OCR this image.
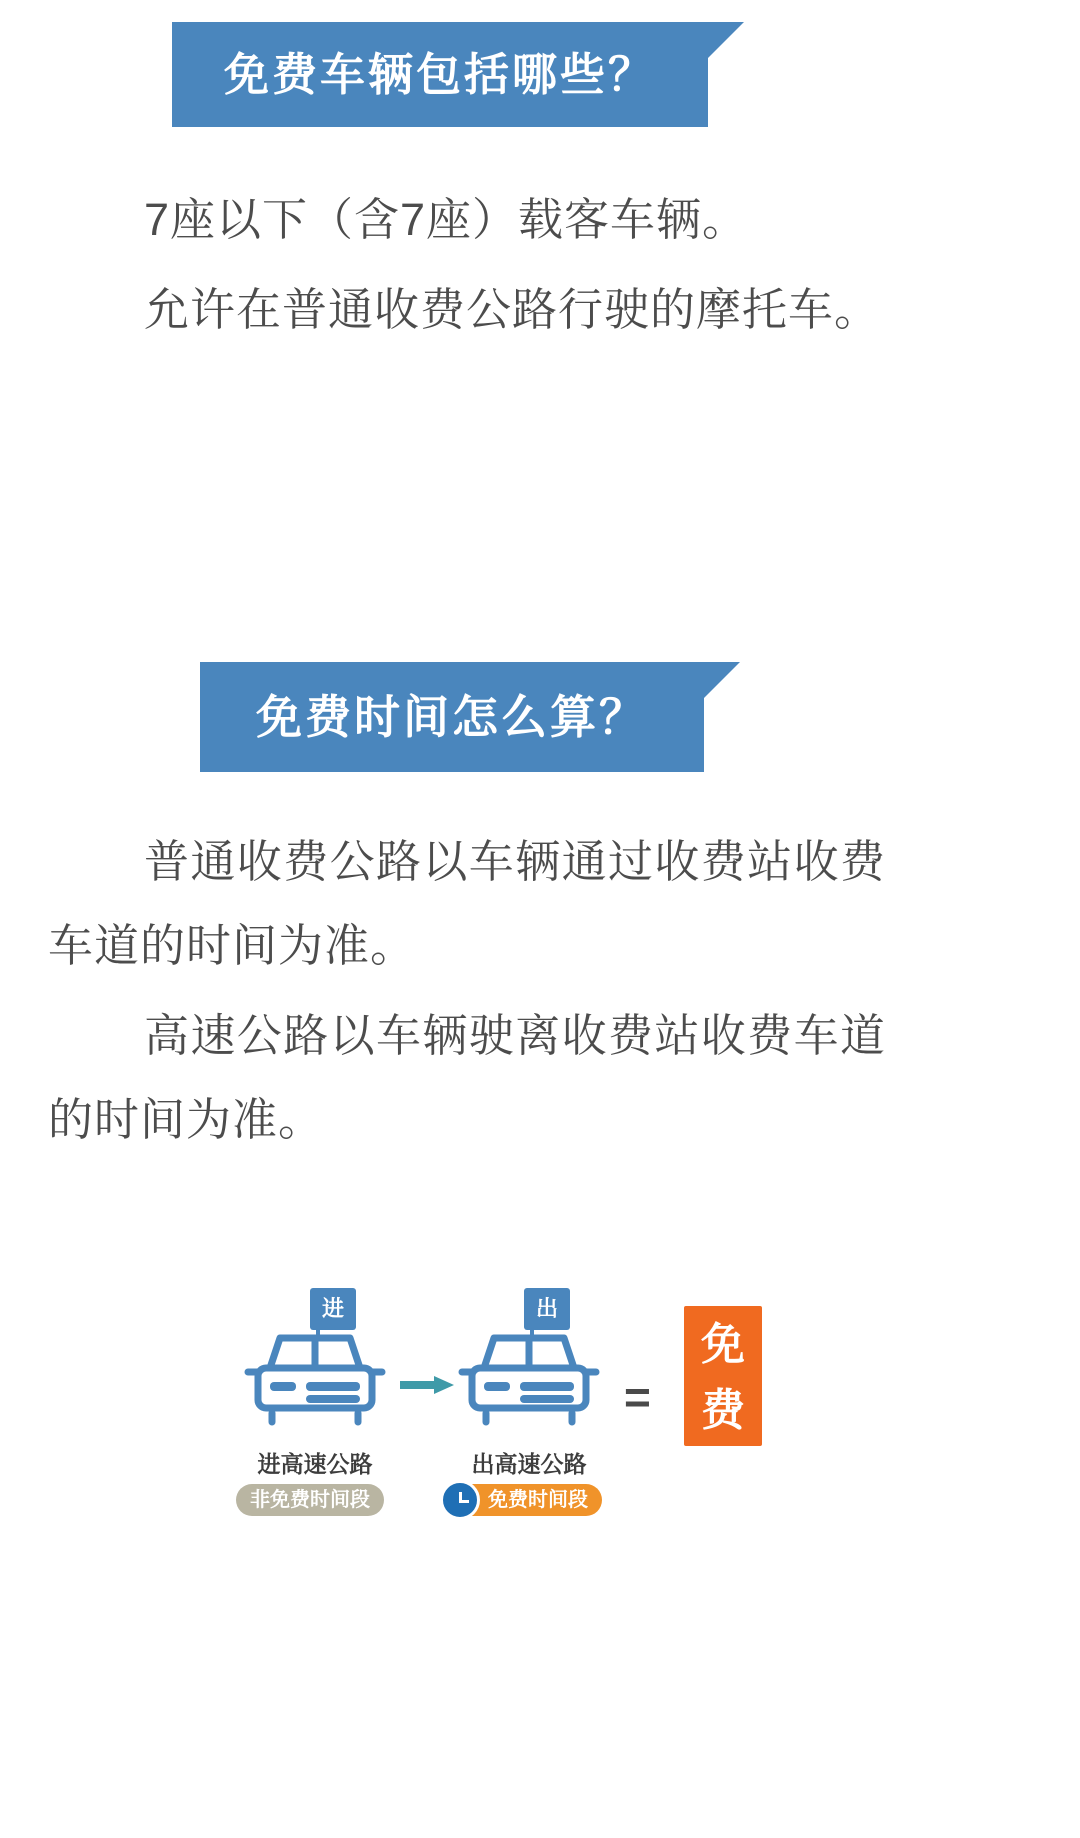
免费车辆包括哪些？

7座以下（含7座）载客车辆。

允许在普通收费公路行驶的摩托车。

免费时间怎么算？

普通收费公路以车辆通过收费站收费车道的时间为准。

高速公路以车辆驶离收费站收费车道的时间为准。

进	出
=
免费
进高速公路	出高速公路
非免费时间段	免费时间段
